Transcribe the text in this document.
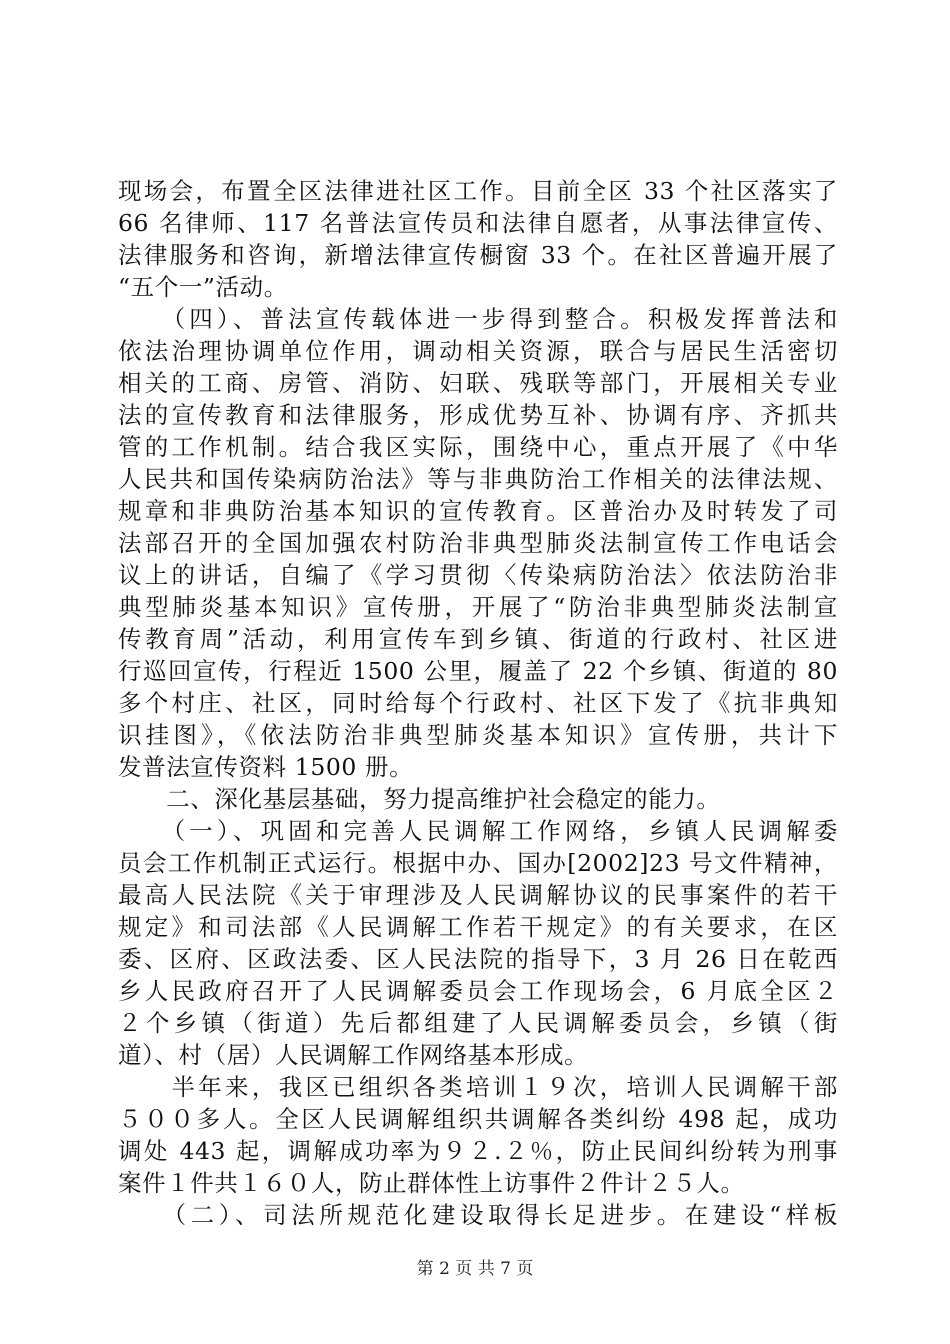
现场会，布置全区法律进社区工作。目前全区 33 个社区落实了
66 名律师、117 名普法宣传员和法律自愿者，从事法律宣传、
法律服务和咨询，新增法律宣传橱窗 33 个。在社区普遍开展了
“五个一”活动。
　　（四）、普法宣传载体进一步得到整合。积极发挥普法和
依法治理协调单位作用，调动相关资源，联合与居民生活密切
相关的工商、房管、消防、妇联、残联等部门，开展相关专业
法的宣传教育和法律服务，形成优势互补、协调有序、齐抓共
管的工作机制。结合我区实际，围绕中心，重点开展了《中华
人民共和国传染病防治法》等与非典防治工作相关的法律法规、
规章和非典防治基本知识的宣传教育。区普治办及时转发了司
法部召开的全国加强农村防治非典型肺炎法制宣传工作电话会
议上的讲话，自编了《学习贯彻〈传染病防治法〉依法防治非
典型肺炎基本知识》宣传册，开展了“防治非典型肺炎法制宣
传教育周”活动，利用宣传车到乡镇、街道的行政村、社区进
行巡回宣传，行程近 1500 公里，履盖了 22 个乡镇、街道的 80
多个村庄、社区，同时给每个行政村、社区下发了《抗非典知
识挂图》，《依法防治非典型肺炎基本知识》宣传册，共计下
发普法宣传资料 1500 册。
　　二、深化基层基础，努力提高维护社会稳定的能力。
　　（一）、巩固和完善人民调解工作网络，乡镇人民调解委
员会工作机制正式运行。根据中办、国办[2002]23 号文件精神，
最高人民法院《关于审理涉及人民调解协议的民事案件的若干
规定》和司法部《人民调解工作若干规定》的有关要求，在区
委、区府、区政法委、区人民法院的指导下，3 月 26 日在乾西
乡人民政府召开了人民调解委员会工作现场会，6 月底全区２
２个乡镇（街道）先后都组建了人民调解委员会，乡镇（街
道）、村（居）人民调解工作网络基本形成。
　　半年来，我区已组织各类培训１９次，培训人民调解干部
５００多人。全区人民调解组织共调解各类纠纷 498 起，成功
调处 443 起，调解成功率为９２.２％，防止民间纠纷转为刑事
案件１件共１６０人，防止群体性上访事件２件计２５人。
　　（二）、司法所规范化建设取得长足进步。在建设“样板
第 2 页 共 7 页
